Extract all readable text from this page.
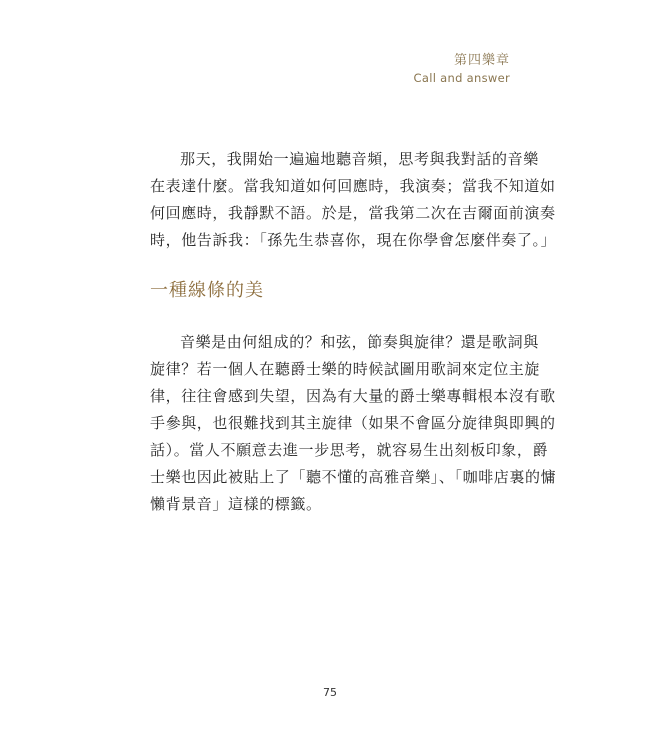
第四樂章
Call and answer
那天，我開始一遍遍地聽音頻，思考與我對話的音樂
在表達什麼。當我知道如何回應時，我演奏；當我不知道如
何回應時，我靜默不語。於是，當我第二次在吉爾面前演奏
時，他告訴我：「孫先生恭喜你，現在你學會怎麼伴奏了。」
一種線條的美
音樂是由何組成的？和弦，節奏與旋律？還是歌詞與
旋律？若一個人在聽爵士樂的時候試圖用歌詞來定位主旋
律，往往會感到失望，因為有大量的爵士樂專輯根本沒有歌
手參與，也很難找到其主旋律（如果不會區分旋律與即興的
話）。當人不願意去進一步思考，就容易生出刻板印象，爵
士樂也因此被貼上了「聽不懂的高雅音樂」、「咖啡店裏的慵
懶背景音」這樣的標籤。
75
